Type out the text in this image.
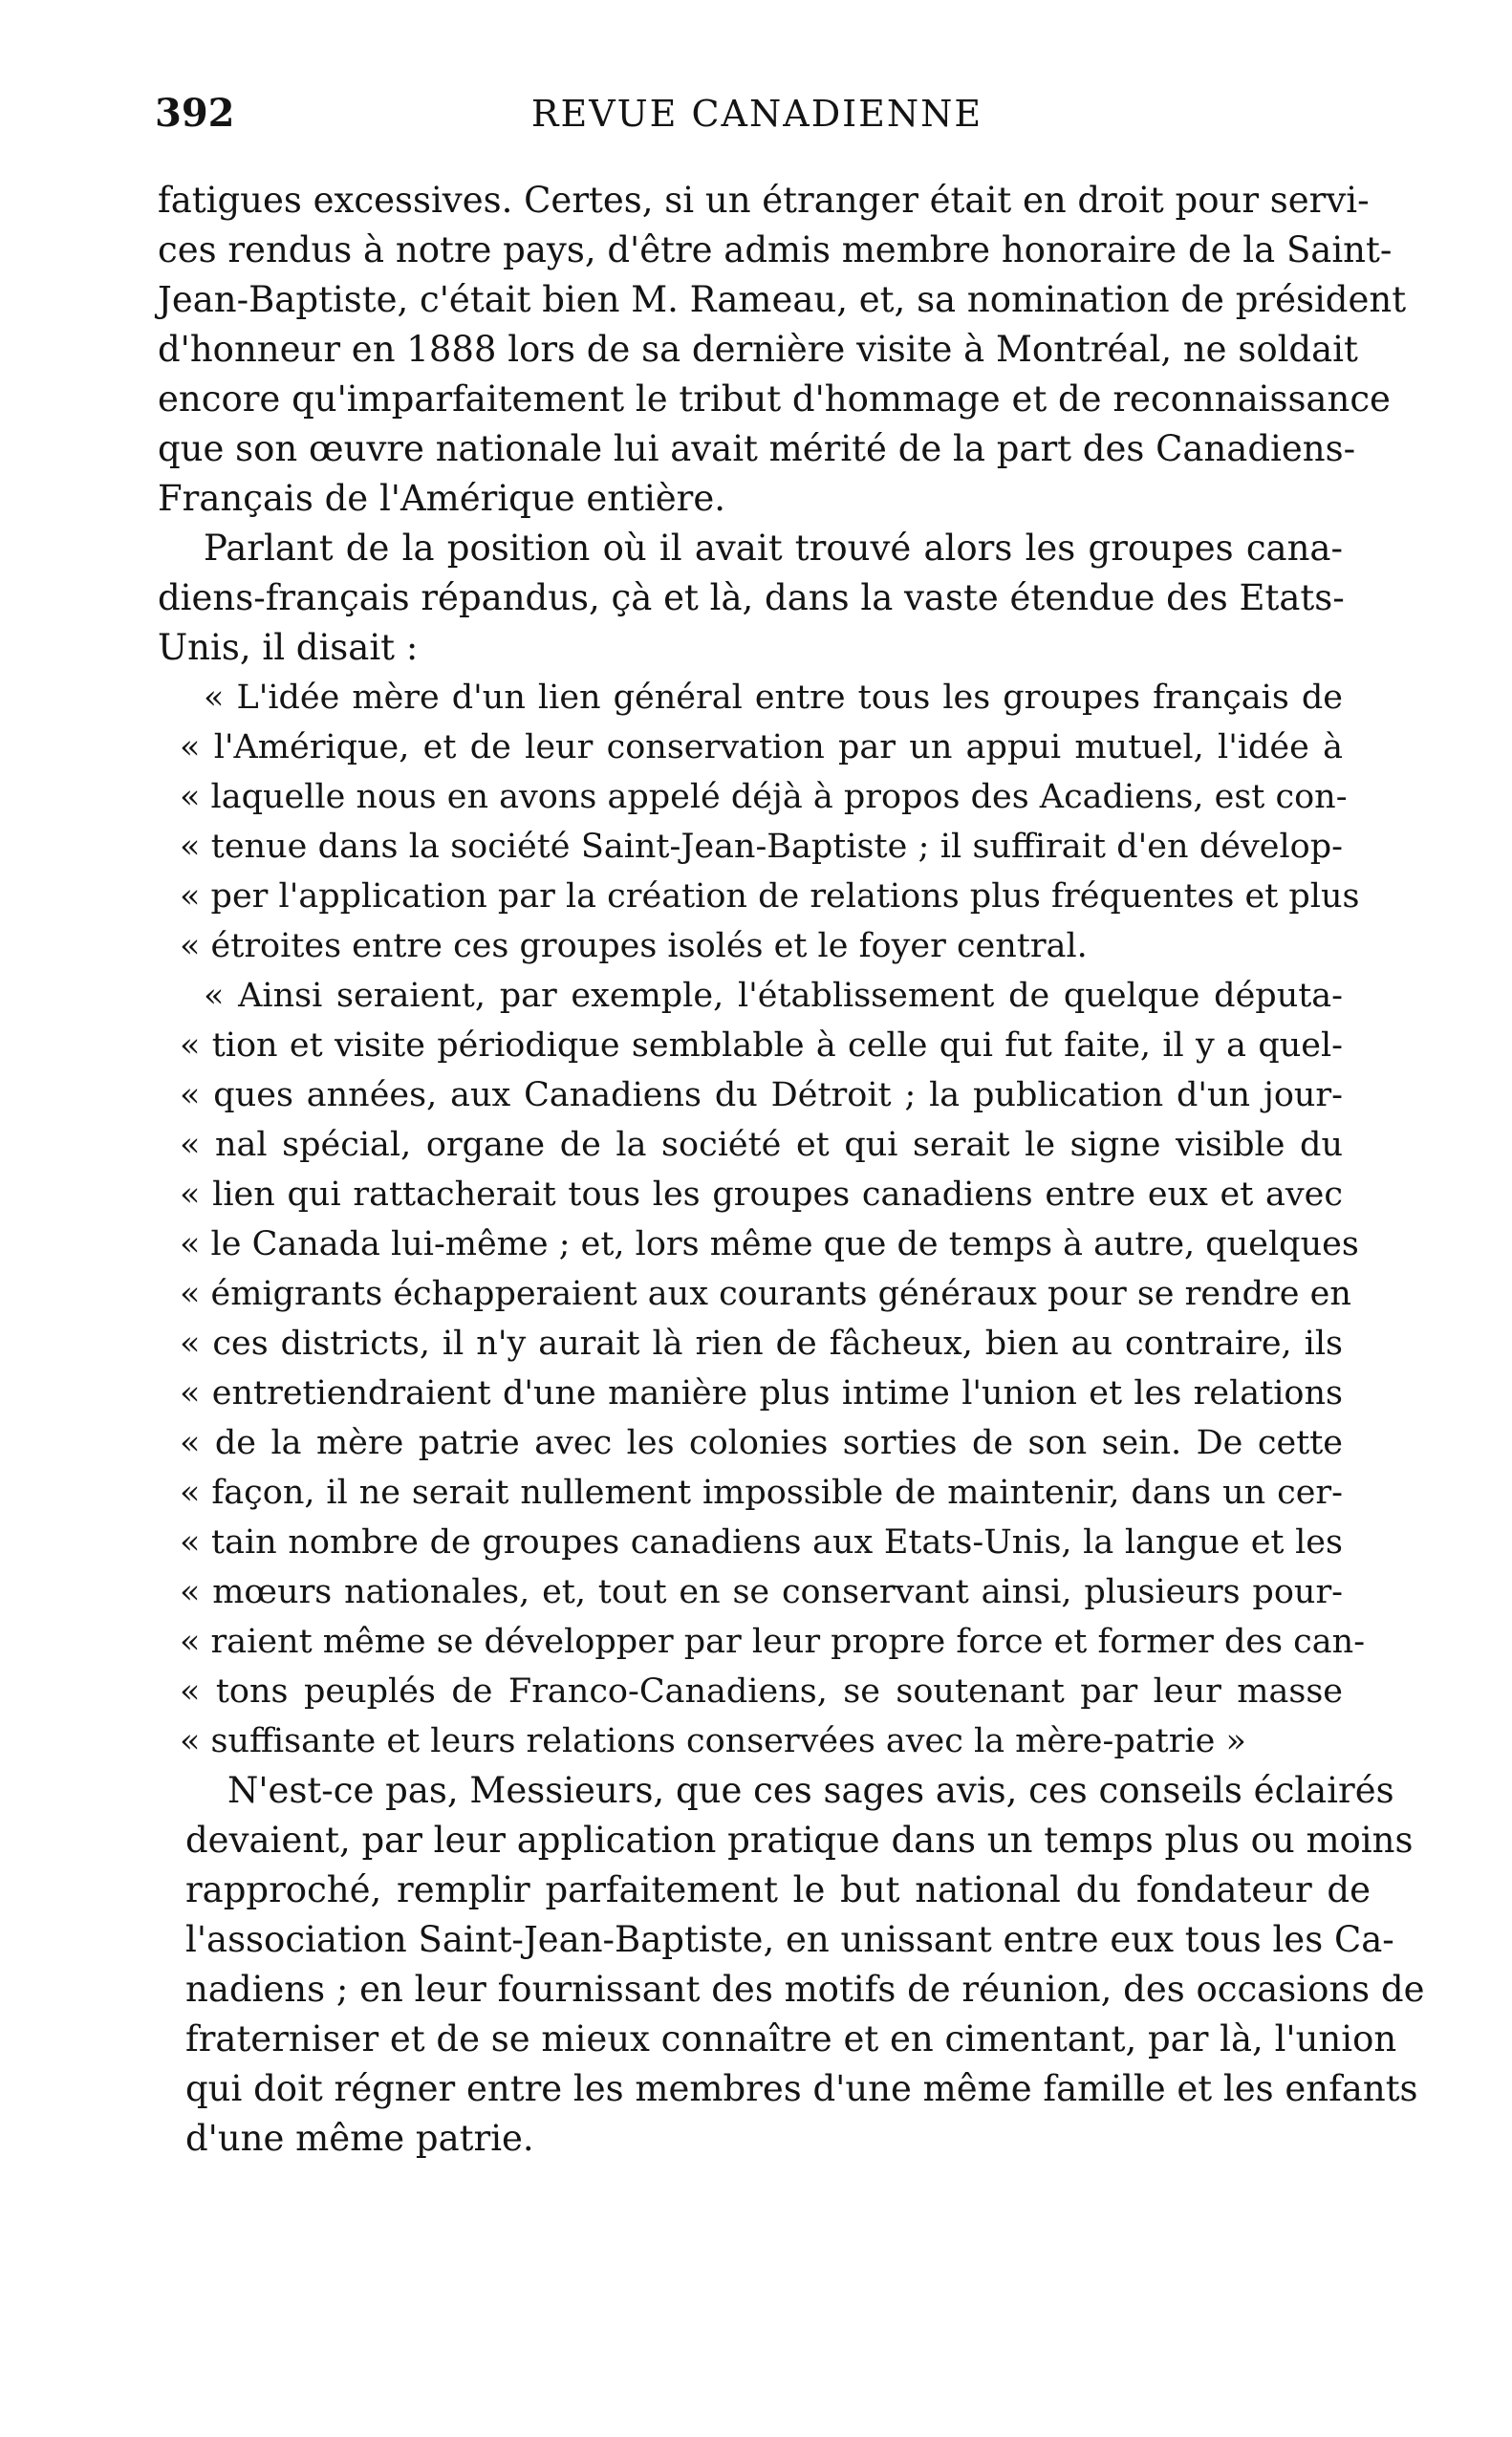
392	REVUE CANADIENNE
fatigues excessives. Certes, si un étranger était en droit pour servi-
ces rendus à notre pays, d'être admis membre honoraire de la Saint-
Jean-Baptiste, c'était bien M. Rameau, et, sa nomination de président
d'honneur en 1888 lors de sa dernière visite à Montréal, ne soldait
encore qu'imparfaitement le tribut d'hommage et de reconnaissance
que son œuvre nationale lui avait mérité de la part des Canadiens-
Français de l'Amérique entière.
Parlant de la position où il avait trouvé alors les groupes cana-
diens-français répandus, çà et là, dans la vaste étendue des Etats-
Unis, il disait :
« L'idée mère d'un lien général entre tous les groupes français de
« l'Amérique, et de leur conservation par un appui mutuel, l'idée à
« laquelle nous en avons appelé déjà à propos des Acadiens, est con-
« tenue dans la société Saint-Jean-Baptiste ; il suffirait d'en dévelop-
« per l'application par la création de relations plus fréquentes et plus
« étroites entre ces groupes isolés et le foyer central.
« Ainsi seraient, par exemple, l'établissement de quelque députa-
« tion et visite périodique semblable à celle qui fut faite, il y a quel-
« ques années, aux Canadiens du Détroit ; la publication d'un jour-
« nal spécial, organe de la société et qui serait le signe visible du
« lien qui rattacherait tous les groupes canadiens entre eux et avec
« le Canada lui-même ; et, lors même que de temps à autre, quelques
« émigrants échapperaient aux courants généraux pour se rendre en
« ces districts, il n'y aurait là rien de fâcheux, bien au contraire, ils
« entretiendraient d'une manière plus intime l'union et les relations
« de la mère patrie avec les colonies sorties de son sein. De cette
« façon, il ne serait nullement impossible de maintenir, dans un cer-
« tain nombre de groupes canadiens aux Etats-Unis, la langue et les
« mœurs nationales, et, tout en se conservant ainsi, plusieurs pour-
« raient même se développer par leur propre force et former des can-
« tons peuplés de Franco-Canadiens, se soutenant par leur masse
« suffisante et leurs relations conservées avec la mère-patrie »
N'est-ce pas, Messieurs, que ces sages avis, ces conseils éclairés
devaient, par leur application pratique dans un temps plus ou moins
rapproché, remplir parfaitement le but national du fondateur de
l'association Saint-Jean-Baptiste, en unissant entre eux tous les Ca-
nadiens ; en leur fournissant des motifs de réunion, des occasions de
fraterniser et de se mieux connaître et en cimentant, par là, l'union
qui doit régner entre les membres d'une même famille et les enfants
d'une même patrie.
